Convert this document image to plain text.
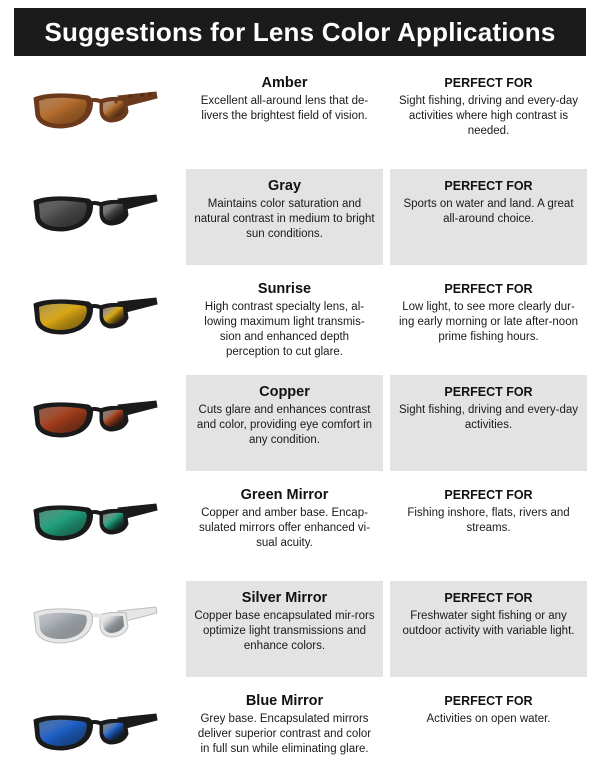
Suggestions for Lens Color Applications
Amber
Excellent all-around lens that de-livers the brightest field of vision.
PERFECT FOR
Sight fishing, driving and every-day activities where high contrast is needed.
Gray
Maintains color saturation and natural contrast in medium to bright sun conditions.
PERFECT FOR
Sports on water and land. A great all-around choice.
Sunrise
High contrast specialty lens, al-lowing maximum light transmis-sion and enhanced depth perception to cut glare.
PERFECT FOR
Low light, to see more clearly dur-ing early morning or late after-noon prime fishing hours.
Copper
Cuts glare and enhances contrast and color, providing eye comfort in any condition.
PERFECT FOR
Sight fishing, driving and every-day activities.
Green Mirror
Copper and amber base. Encap-sulated mirrors offer enhanced vi-sual acuity.
PERFECT FOR
Fishing inshore, flats, rivers and streams.
Silver Mirror
Copper base encapsulated mir-rors optimize light transmissions and enhance colors.
PERFECT FOR
Freshwater sight fishing or any outdoor activity with variable light.
Blue Mirror
Grey base. Encapsulated mirrors deliver superior contrast and color in full sun while eliminating glare.
PERFECT FOR
Activities on open water.
